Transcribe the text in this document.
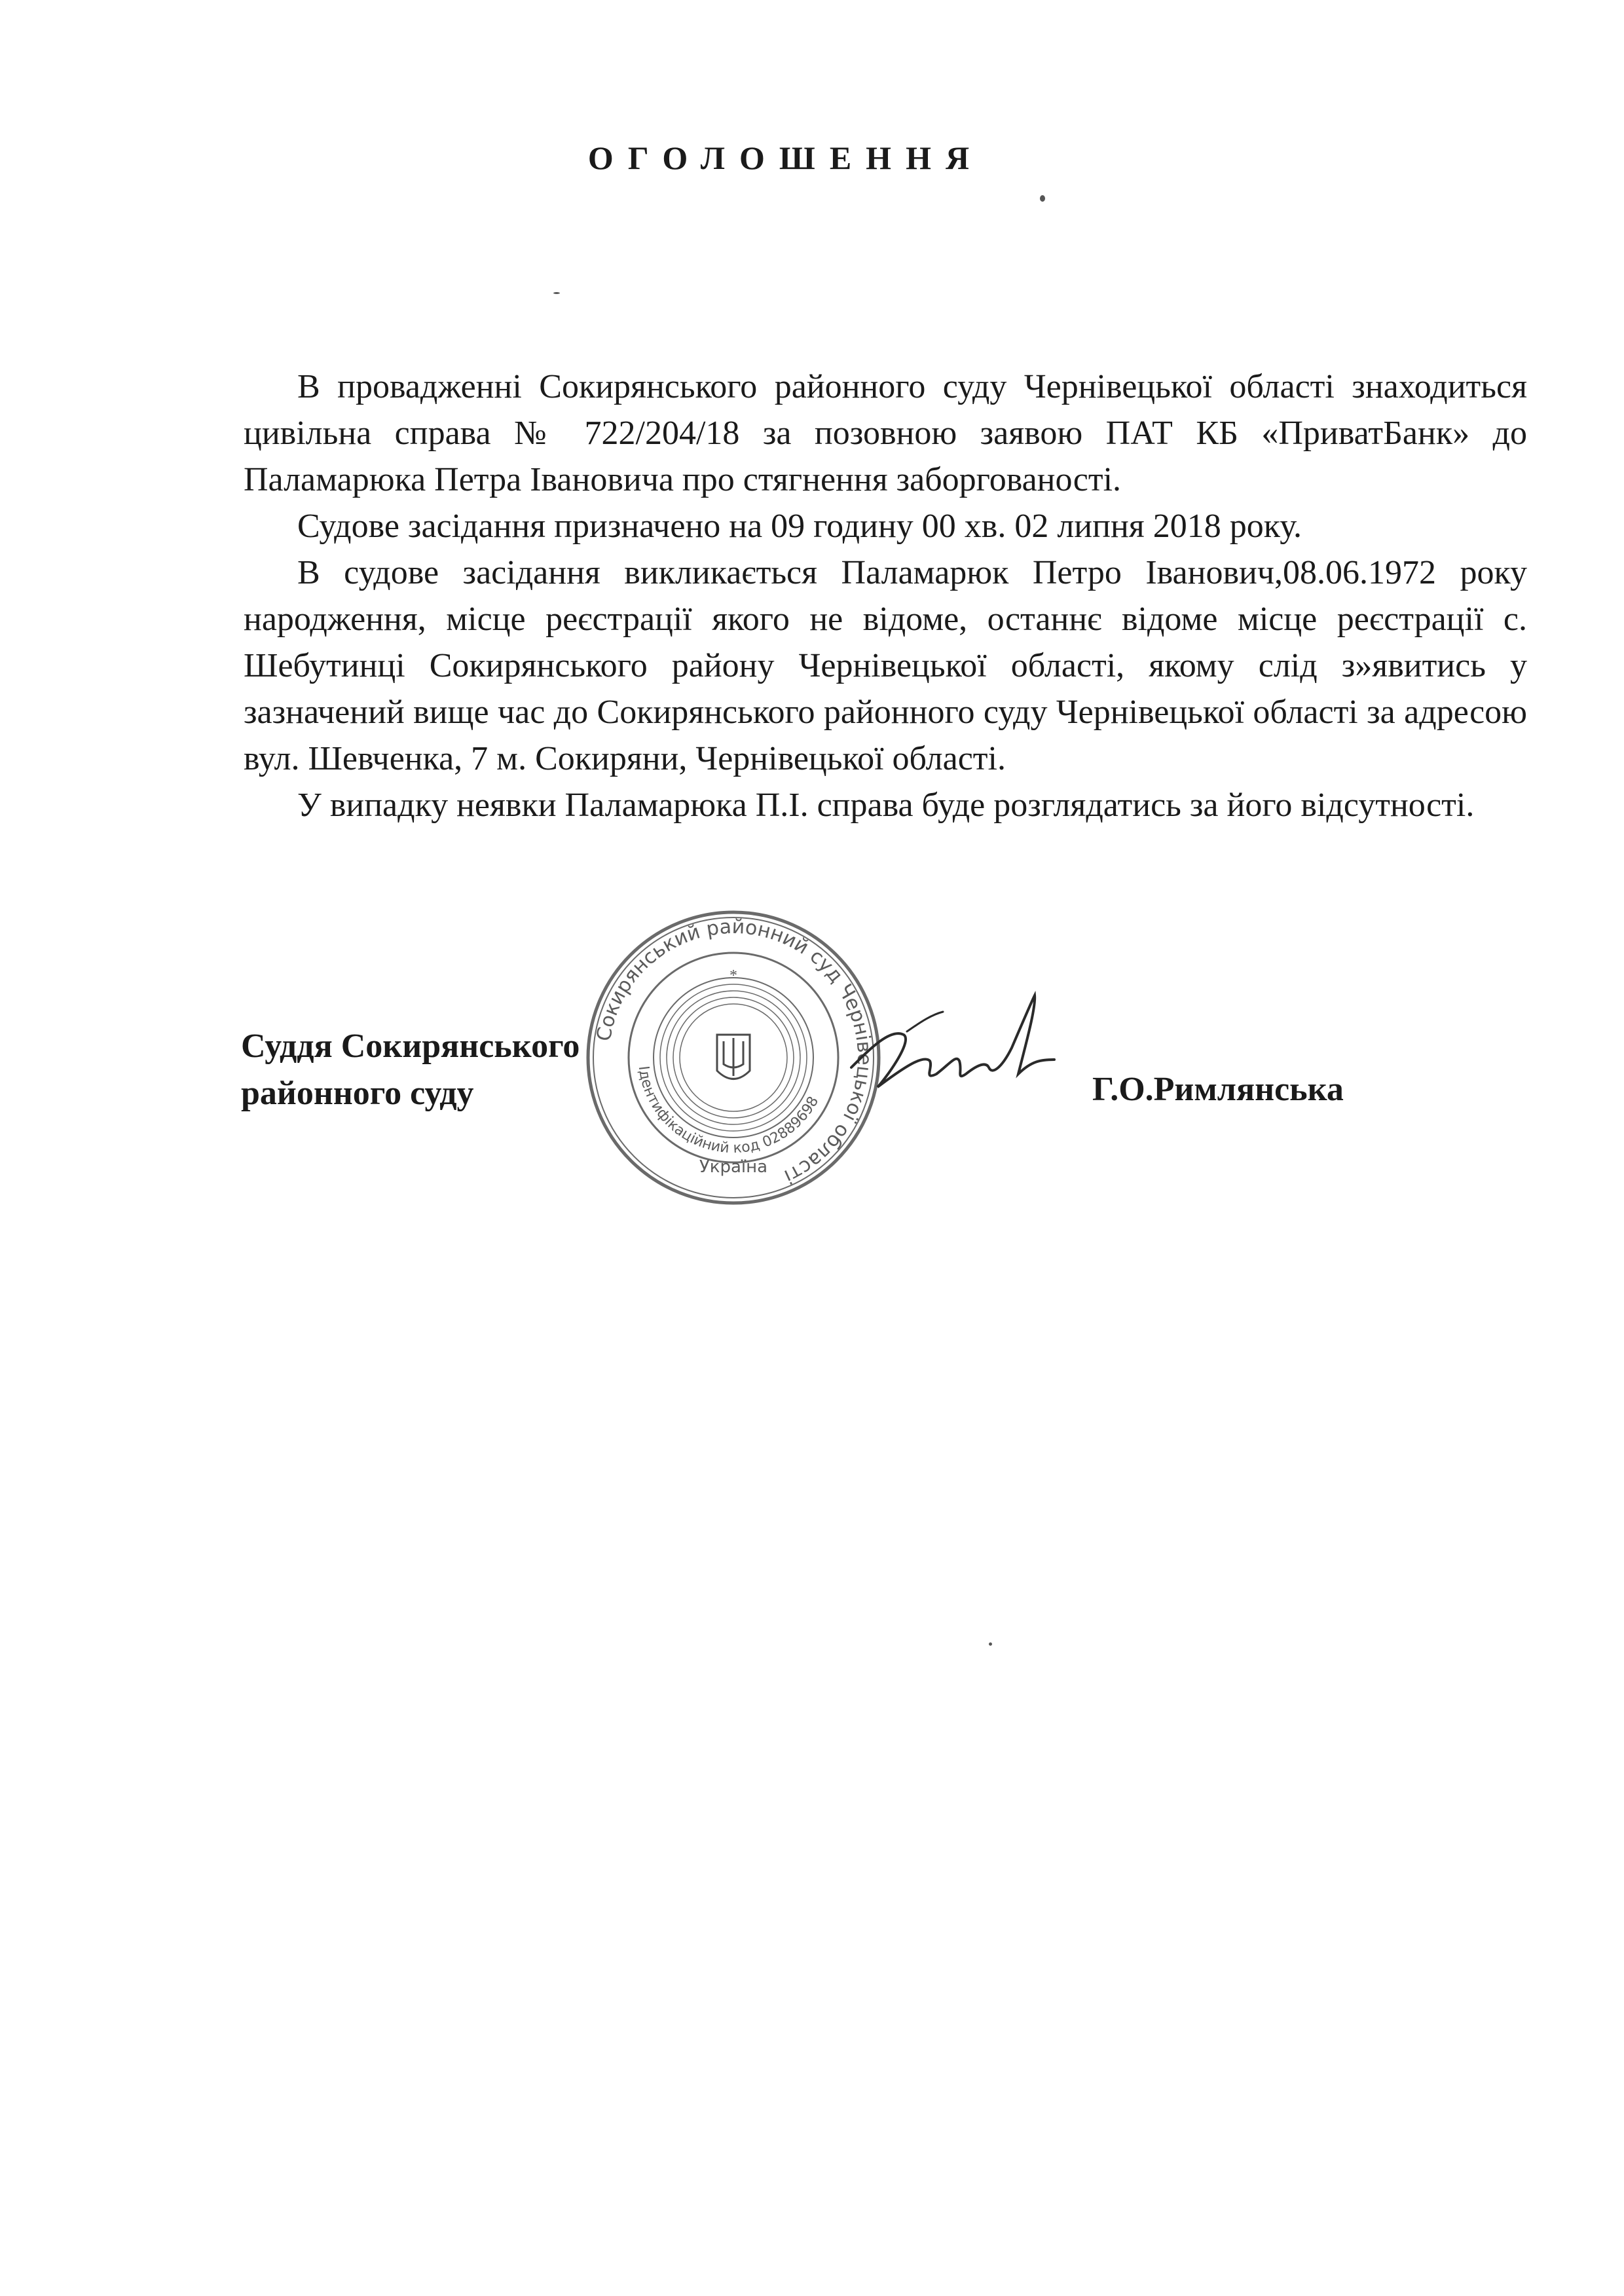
ОГОЛОШЕННЯ

В провадженні Сокирянського районного суду Чернівецької області знаходиться цивільна справа № 722/204/18 за позовною заявою ПАТ КБ «ПриватБанк» до Паламарюка Петра Івановича про стягнення заборгованості.

Судове засідання призначено на 09 годину 00 хв. 02 липня 2018 року.

В судове засідання викликається Паламарюк Петро Іванович,08.06.1972 року народження, місце реєстрації якого не відоме, останнє відоме місце реєстрації с. Шебутинці Сокирянського району Чернівецької області, якому слід з»явитись у зазначений вище час до Сокирянського районного суду Чернівецької області за адресою вул. Шевченка, 7 м. Сокиряни, Чернівецької області.

У випадку неявки Паламарюка П.І. справа буде розглядатись за його відсутності.

Сокирянський районний суд Чернівецької області
Ідентифікаційний код 02889698
Україна
*
Суддя Сокирянського
районного суду	Г.О.Римлянська
